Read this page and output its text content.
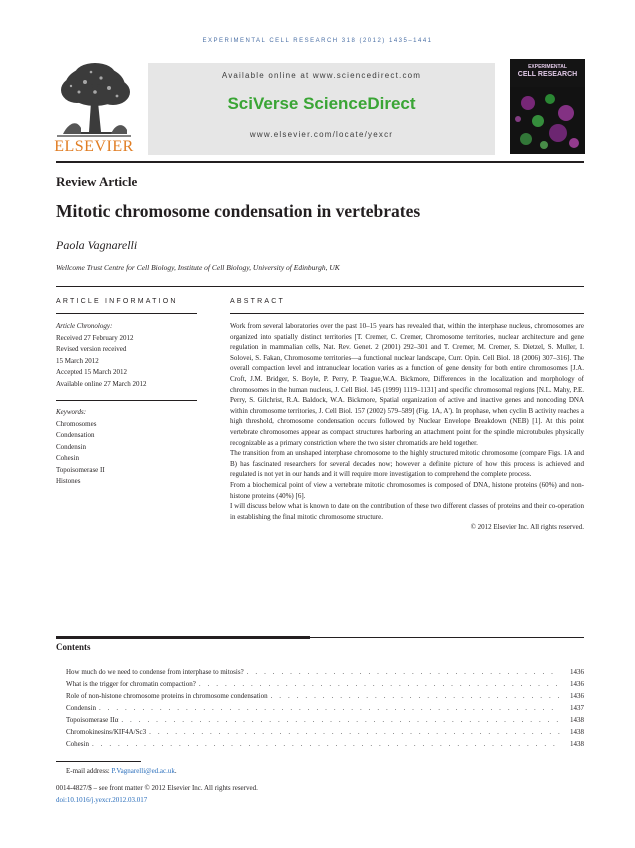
EXPERIMENTAL CELL RESEARCH 318 (2012) 1435–1441
ELSEVIER
Available online at www.sciencedirect.com
SciVerse ScienceDirect
www.elsevier.com/locate/yexcr
EXPERIMENTAL
CELL RESEARCH
Review Article
Mitotic chromosome condensation in vertebrates
Paola Vagnarelli
Wellcome Trust Centre for Cell Biology, Institute of Cell Biology, University of Edinburgh, UK
ARTICLE INFORMATION	ABSTRACT
Article Chronology:
Received 27 February 2012
Revised version received
15 March 2012
Accepted 15 March 2012
Available online 27 March 2012
Keywords:
Chromosomes
Condensation
Condensin
Cohesin
Topoisomerase II
Histones

Work from several laboratories over the past 10–15 years has revealed that, within the interphase nucleus, chromosomes are organized into spatially distinct territories [T. Cremer, C. Cremer, Chromosome territories, nuclear architecture and gene regulation in mammalian cells, Nat. Rev. Genet. 2 (2001) 292–301 and T. Cremer, M. Cremer, S. Dietzel, S. Muller, I. Solovei, S. Fakan, Chromosome territories—a functional nuclear landscape, Curr. Opin. Cell Biol. 18 (2006) 307–316]. The overall compaction level and intranuclear location varies as a function of gene density for both entire chromosomes [J.A. Croft, J.M. Bridger, S. Boyle, P. Perry, P. Teague,W.A. Bickmore, Differences in the localization and morphology of chromosomes in the human nucleus, J. Cell Biol. 145 (1999) 1119–1131] and specific chromosomal regions [N.L. Mahy, P.E. Perry, S. Gilchrist, R.A. Baldock, W.A. Bickmore, Spatial organization of active and inactive genes and noncoding DNA within chromosome territories, J. Cell Biol. 157 (2002) 579–589] (Fig. 1A, A'). In prophase, when cyclin B activity reaches a high threshold, chromosome condensation occurs followed by Nuclear Envelope Breakdown (NEB) [1]. At this point vertebrate chromosomes appear as compact structures harboring an attachment point for the spindle microtubules physically recognizable as a primary constriction where the two sister chromatids are held together.

The transition from an unshaped interphase chromosome to the highly structured mitotic chromosome (compare Figs. 1A and B) has fascinated researchers for several decades now; however a definite picture of how this process is achieved and regulated is not yet in our hands and it will require more investigation to comprehend the complete process.

From a biochemical point of view a vertebrate mitotic chromosomes is composed of DNA, histone proteins (60%) and non-histone proteins (40%) [6].

I will discuss below what is known to date on the contribution of these two different classes of proteins and their co-operation in establishing the final mitotic chromosome structure.

© 2012 Elsevier Inc. All rights reserved.

Contents
How much do we need to condense from interphase to mitosis? . . .	1436
What is the trigger for chromatin compaction? . . .	1436
Role of non-histone chromosome proteins in chromosome condensation . . .	1436
Condensin . . .	1437
Topoisomerase IIα . . .	1438
Chromokinesins/KIF4A/Sc3 . . .	1438
Cohesin . . .	1438
E-mail address: P.Vagnarelli@ed.ac.uk.
0014-4827/$ – see front matter © 2012 Elsevier Inc. All rights reserved.
doi:10.1016/j.yexcr.2012.03.017
